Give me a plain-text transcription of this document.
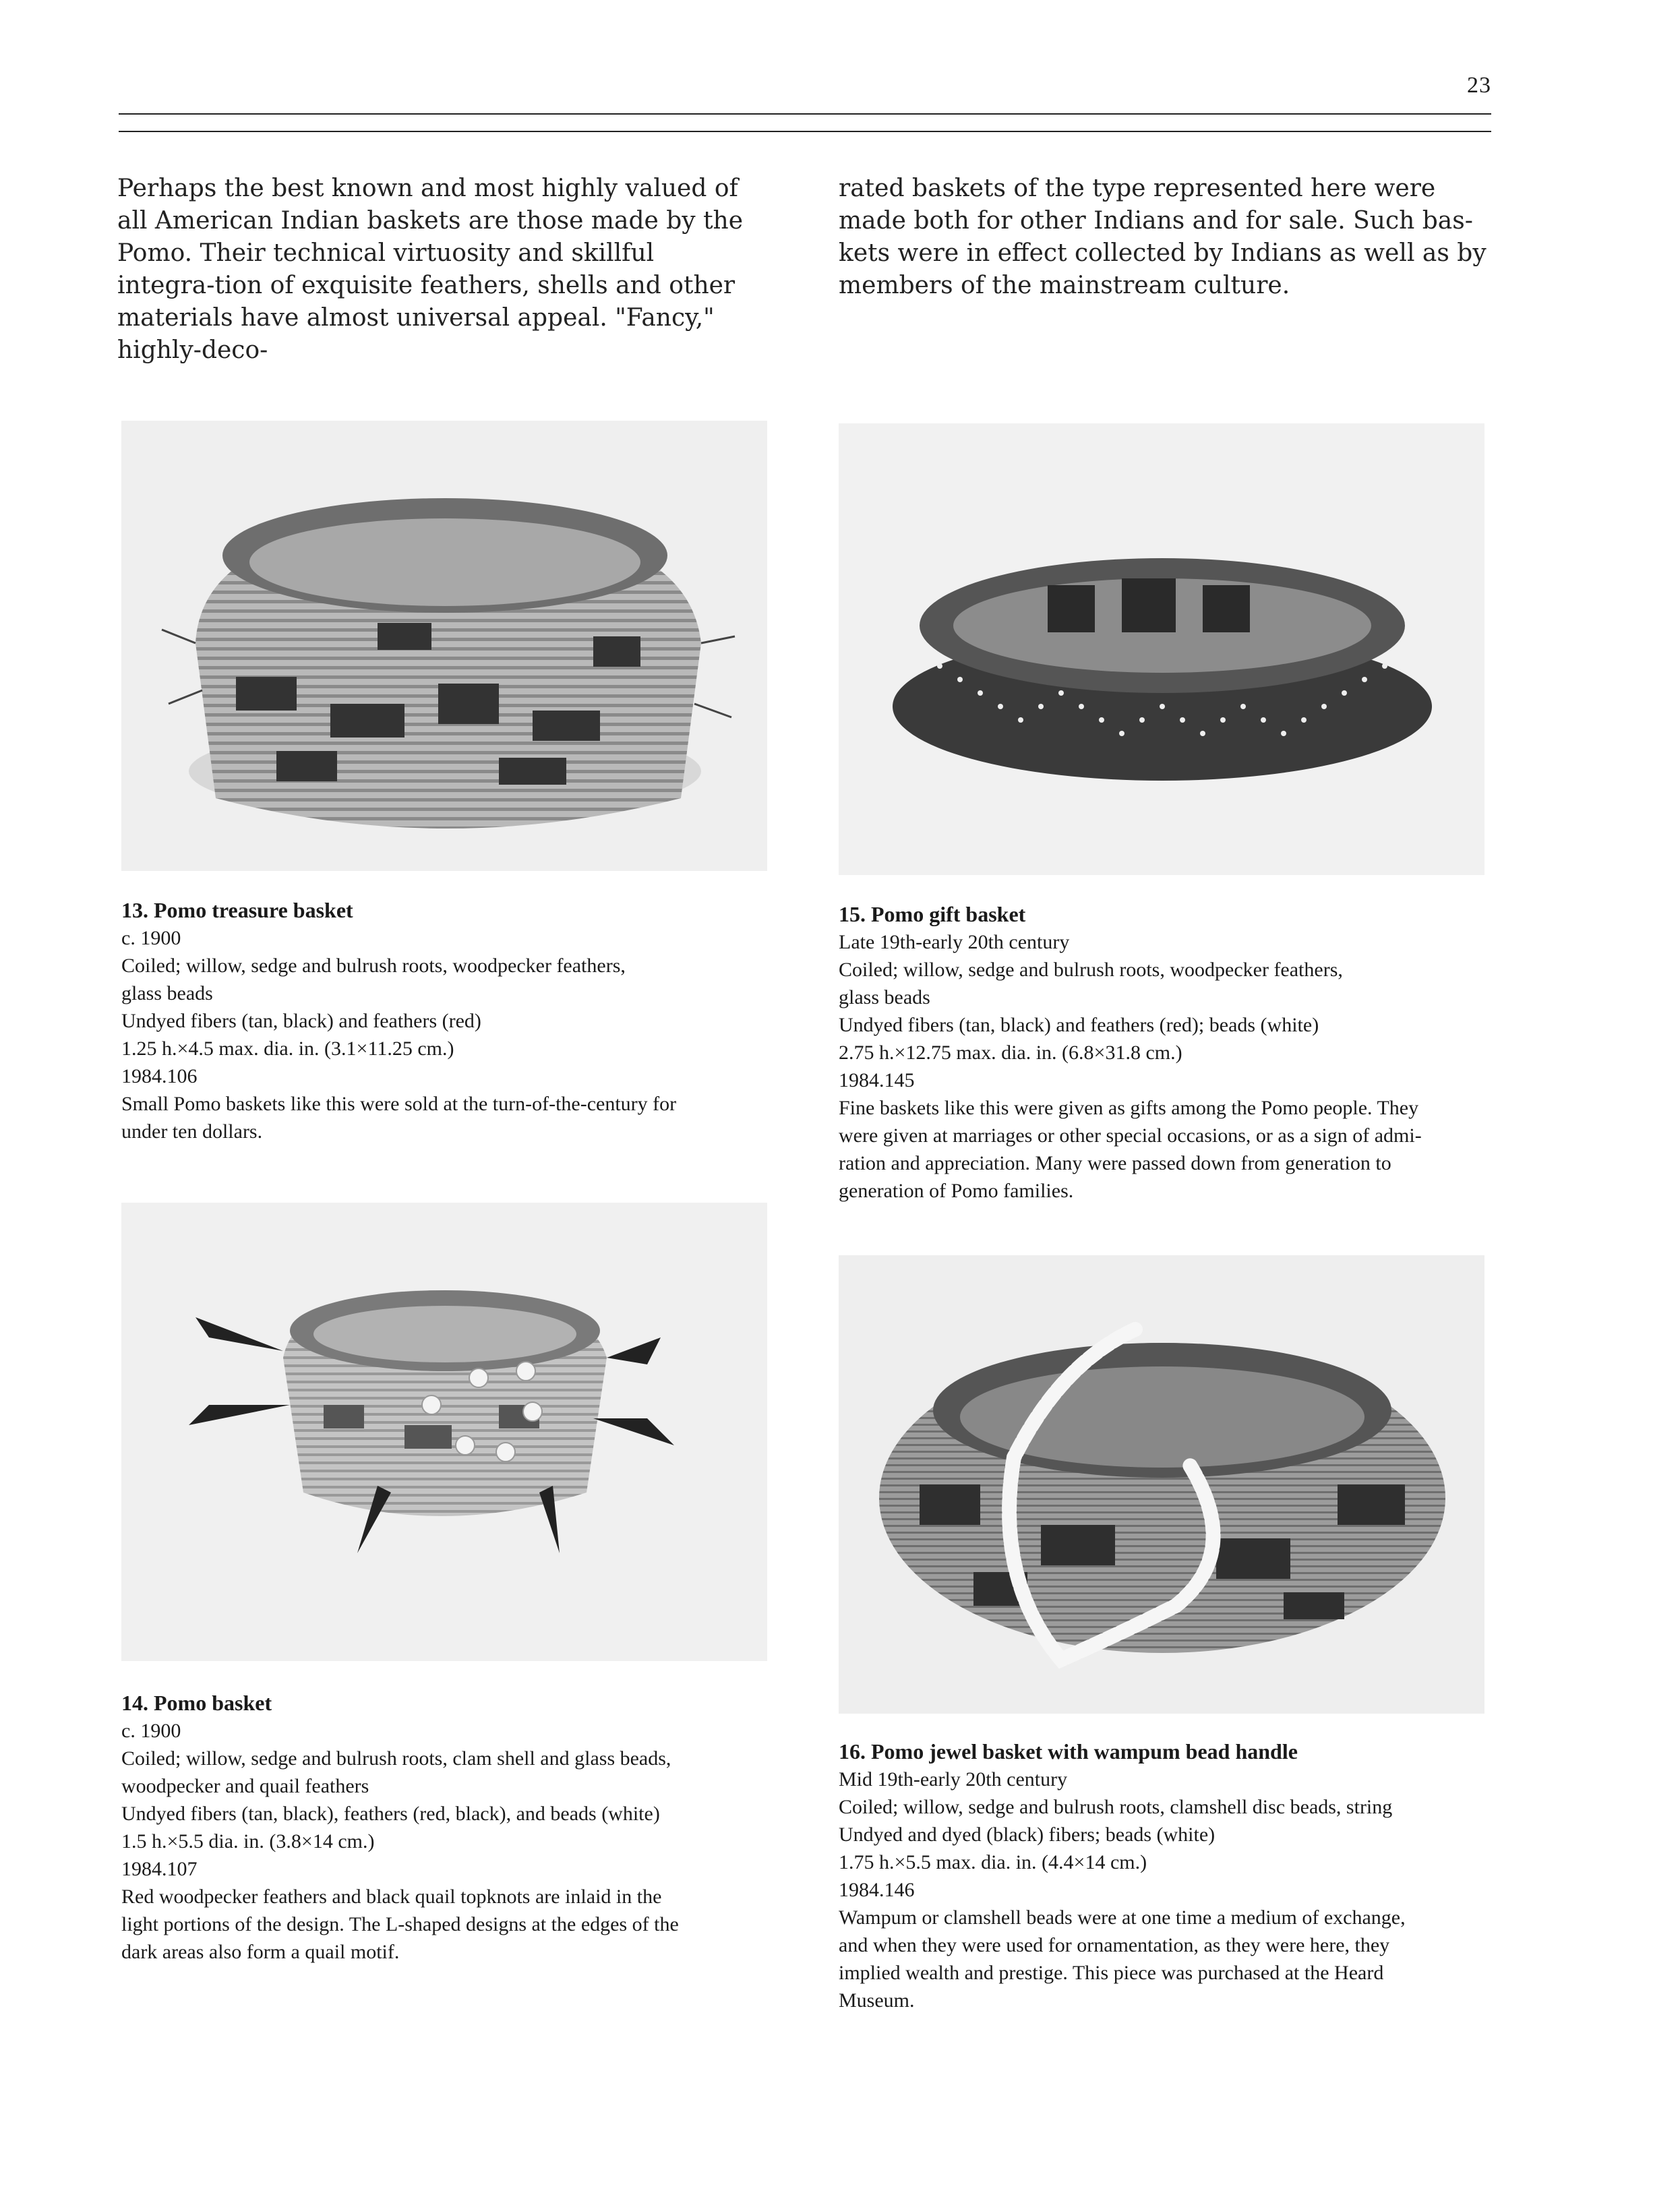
23

Perhaps the best known and most highly valued of all American Indian baskets are those made by the Pomo. Their technical virtuosity and skillful integra-tion of exquisite feathers, shells and other materials have almost universal appeal. "Fancy," highly-deco-

rated baskets of the type represented here were made both for other Indians and for sale. Such bas-kets were in effect collected by Indians as well as by members of the mainstream culture.

13. Pomo treasure basket
c. 1900
Coiled; willow, sedge and bulrush roots, woodpecker feathers,
glass beads
Undyed fibers (tan, black) and feathers (red)
1.25 h.×4.5 max. dia. in. (3.1×11.25 cm.)
1984.106
Small Pomo baskets like this were sold at the turn-of-the-century for
under ten dollars.
15. Pomo gift basket
Late 19th-early 20th century
Coiled; willow, sedge and bulrush roots, woodpecker feathers,
glass beads
Undyed fibers (tan, black) and feathers (red); beads (white)
2.75 h.×12.75 max. dia. in. (6.8×31.8 cm.)
1984.145
Fine baskets like this were given as gifts among the Pomo people. They
were given at marriages or other special occasions, or as a sign of admi-
ration and appreciation. Many were passed down from generation to
generation of Pomo families.
14. Pomo basket
c. 1900
Coiled; willow, sedge and bulrush roots, clam shell and glass beads,
woodpecker and quail feathers
Undyed fibers (tan, black), feathers (red, black), and beads (white)
1.5 h.×5.5 dia. in. (3.8×14 cm.)
1984.107
Red woodpecker feathers and black quail topknots are inlaid in the
light portions of the design. The L-shaped designs at the edges of the
dark areas also form a quail motif.
16. Pomo jewel basket with wampum bead handle
Mid 19th-early 20th century
Coiled; willow, sedge and bulrush roots, clamshell disc beads, string
Undyed and dyed (black) fibers; beads (white)
1.75 h.×5.5 max. dia. in. (4.4×14 cm.)
1984.146
Wampum or clamshell beads were at one time a medium of exchange,
and when they were used for ornamentation, as they were here, they
implied wealth and prestige. This piece was purchased at the Heard
Museum.
